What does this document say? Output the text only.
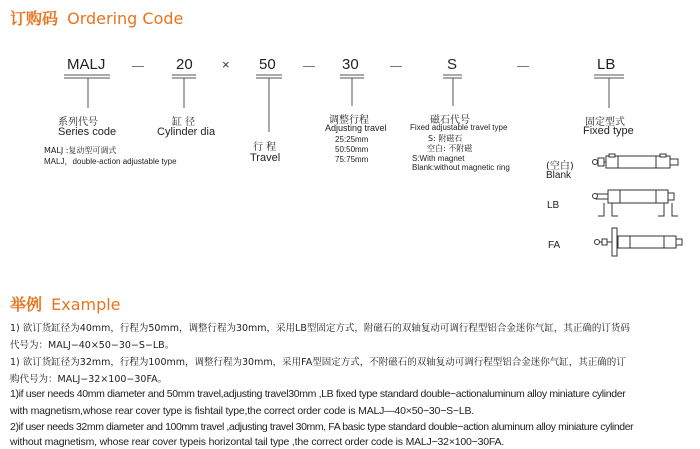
订购码 Ordering Code
MALJ	20 × 50	30	S	LB
系列代号
Series code
MALJ :复动型可调式
MALJ，double-action adjustable type
缸 径
Cylinder dia
行 程
Travel
调整行程
Adjusting travel
25:25mm
50:50mm
75:75mm
磁石代号
Fixed adjustable travel type
S: 附磁石
空白: 不附磁
S:With magnet
Blank:without magnetic ring
固定型式
Fixed type
(空白)
Blank
LB
FA
举例 Example
1) 欲订货缸径为40mm，行程为50mm，调整行程为30mm，采用LB型固定方式，附磁石的双轴复动可调行程型铝合金迷你气缸，其正确的订货码
代号为：MALJ−40×50−30−S−LB。
1) 欲订货缸径为32mm，行程为100mm，调整行程为30mm，采用FA型固定方式，不附磁石的双轴复动可调行程型铝合金迷你气缸，其正确的订
购代号为：MALJ−32×100−30FA。
1)if user needs 40mm diameter and 50mm travel,adjusting travel30mm ,LB fixed type standard double−actionaluminum alloy miniature cylinder
with magnetism,whose rear cover type is fishtail type,the correct order code is MALJ—40×50−30−S−LB.
2)if user needs 32mm diameter and 100mm travel ,adjusting travel 30mm, FA basic type standard double−action aluminum alloy miniature cylinder
without magnetism, whose rear cover typeis horizontal tail type ,the correct order code is MALJ−32×100−30FA.
